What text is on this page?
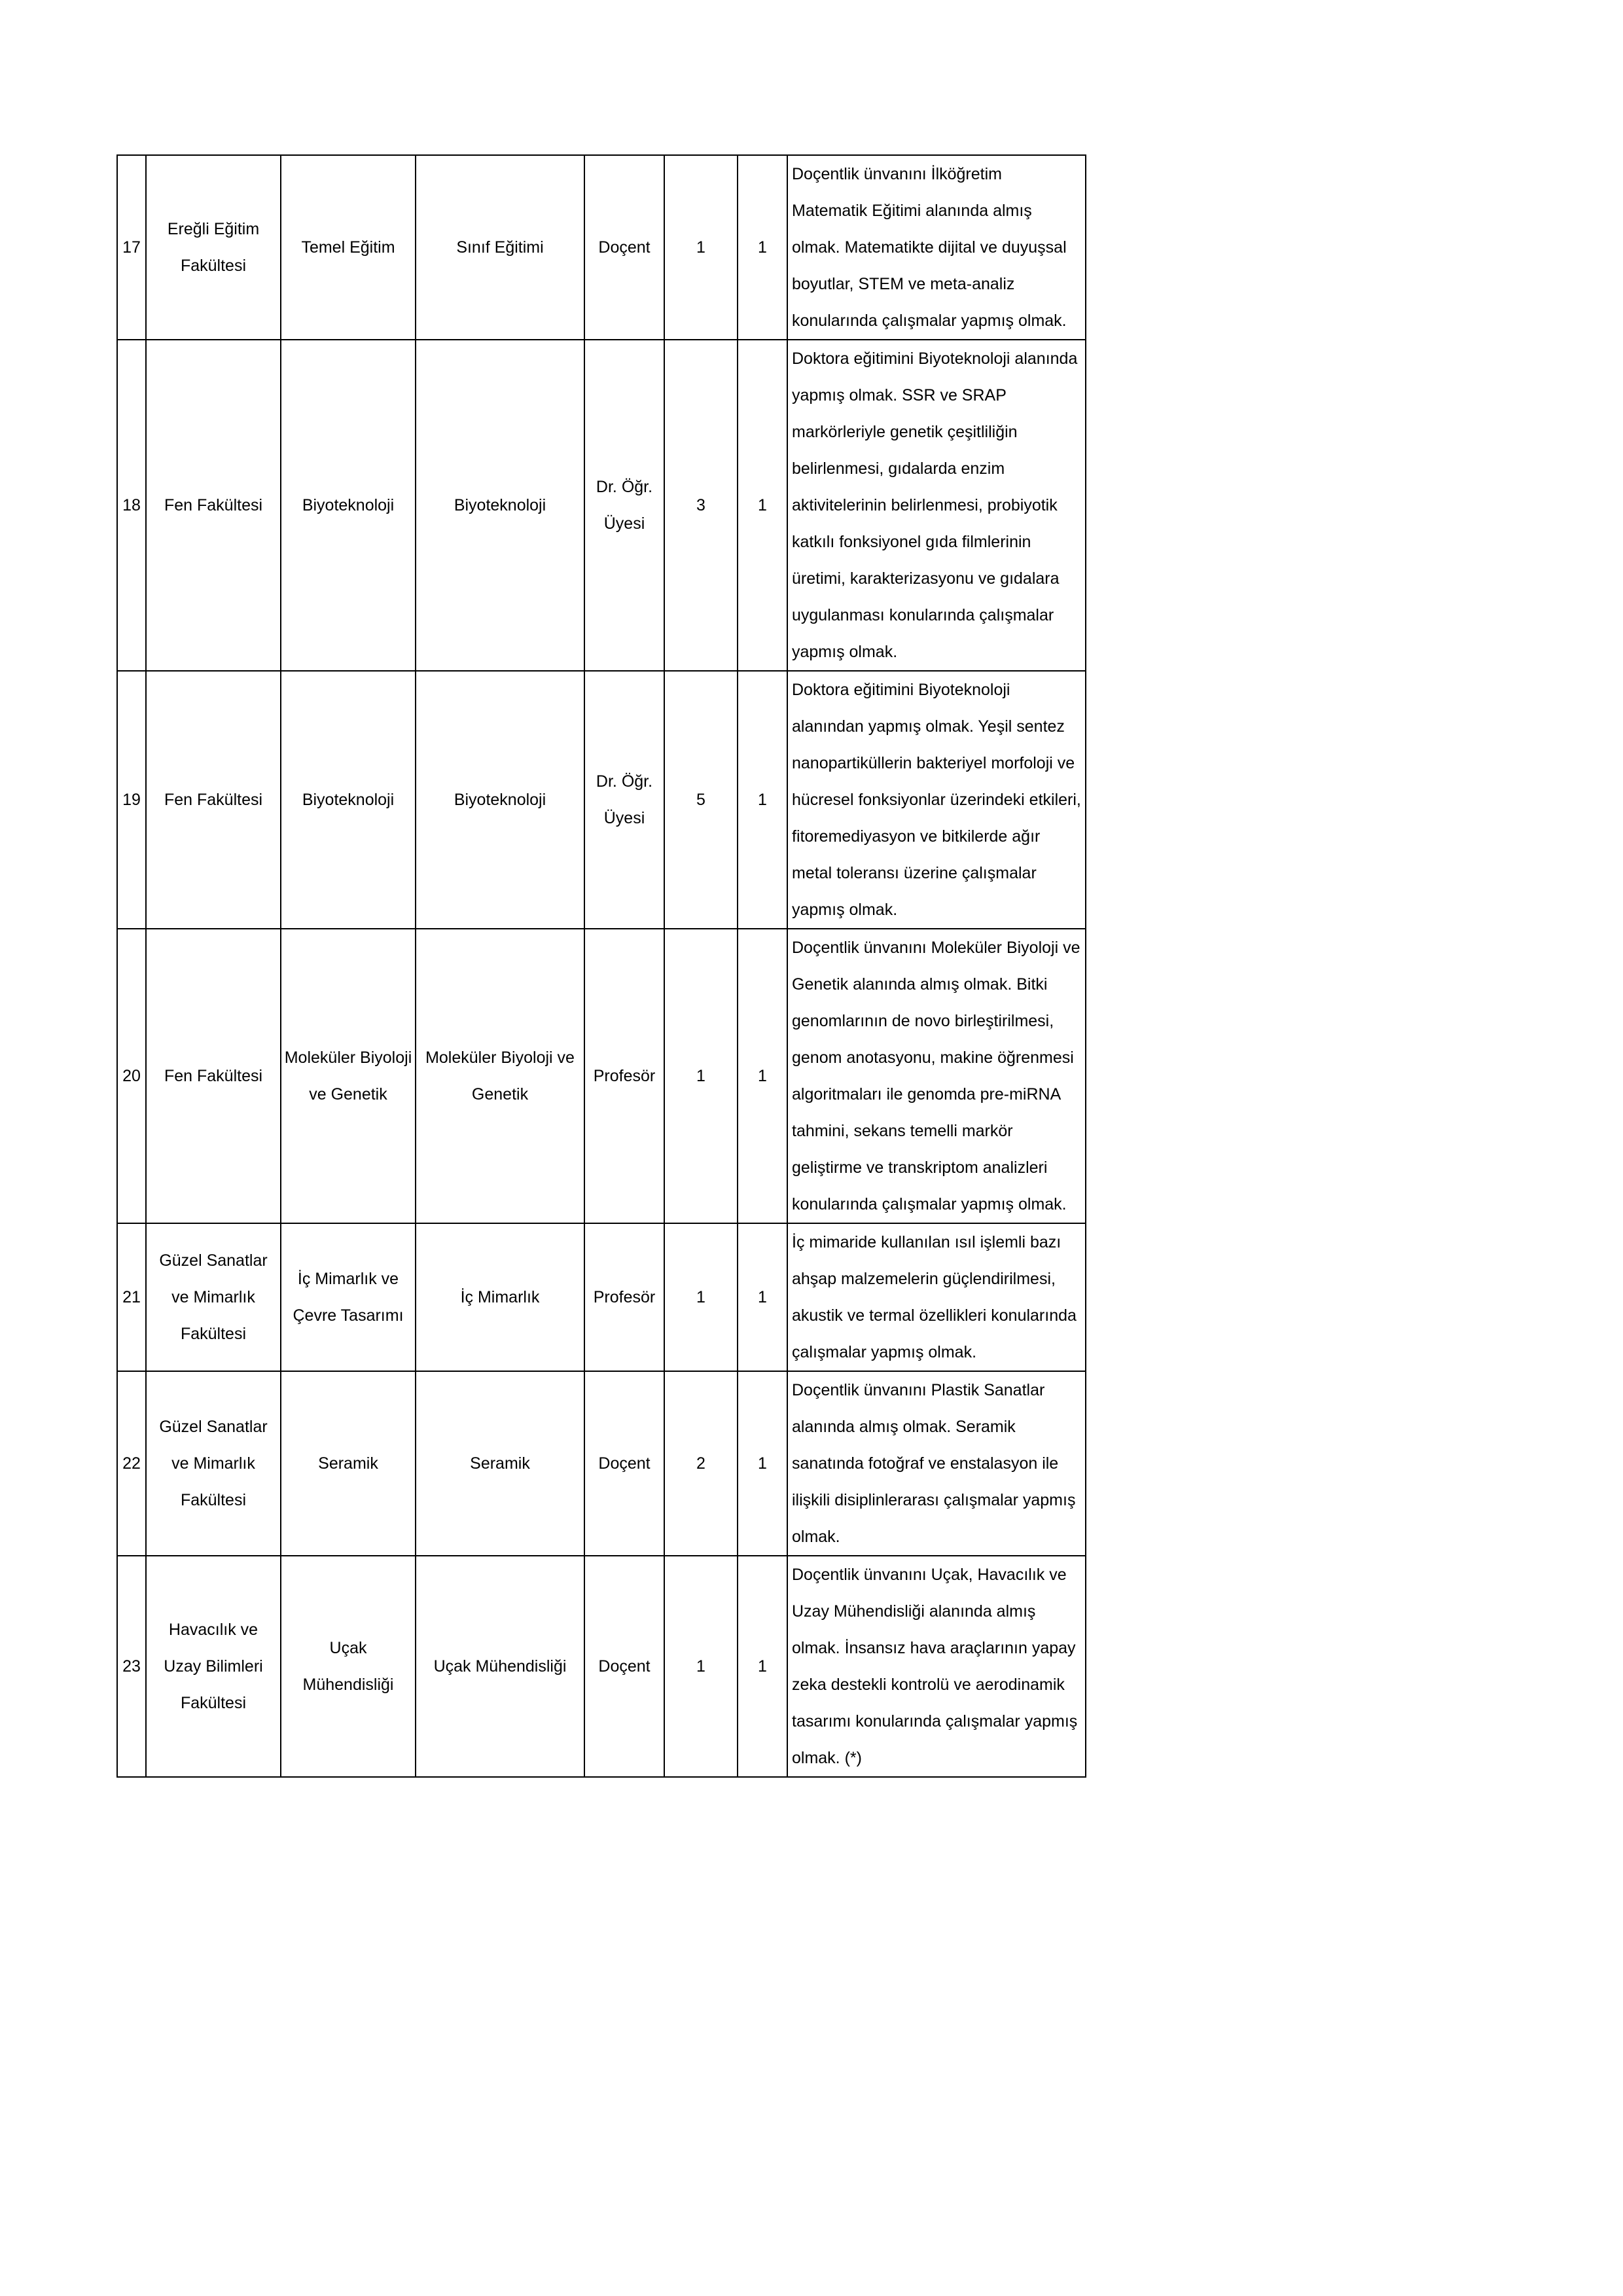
17	Ereğli Eğitim Fakültesi	Temel Eğitim	Sınıf Eğitimi	Doçent	1	1	Doçentlik ünvanını İlköğretim Matematik Eğitimi alanında almış olmak. Matematikte dijital ve duyuşsal boyutlar, STEM ve meta-analiz konularında çalışmalar yapmış olmak.
18	Fen Fakültesi	Biyoteknoloji	Biyoteknoloji	Dr. Öğr. Üyesi	3	1	Doktora eğitimini Biyoteknoloji alanında yapmış olmak. SSR ve SRAP markörleriyle genetik çeşitliliğin belirlenmesi, gıdalarda enzim aktivitelerinin belirlenmesi, probiyotik katkılı fonksiyonel gıda filmlerinin üretimi, karakterizasyonu ve gıdalara uygulanması konularında çalışmalar yapmış olmak.
19	Fen Fakültesi	Biyoteknoloji	Biyoteknoloji	Dr. Öğr. Üyesi	5	1	Doktora eğitimini Biyoteknoloji alanından yapmış olmak. Yeşil sentez nanopartiküllerin bakteriyel morfoloji ve hücresel fonksiyonlar üzerindeki etkileri, fitoremediyasyon ve bitkilerde ağır metal toleransı üzerine çalışmalar yapmış olmak.
20	Fen Fakültesi	Moleküler Biyoloji ve Genetik	Moleküler Biyoloji ve Genetik	Profesör	1	1	Doçentlik ünvanını Moleküler Biyoloji ve Genetik alanında almış olmak. Bitki genomlarının de novo birleştirilmesi, genom anotasyonu, makine öğrenmesi algoritmaları ile genomda pre-miRNA tahmini, sekans temelli markör geliştirme ve transkriptom analizleri konularında çalışmalar yapmış olmak.
21	Güzel Sanatlar ve Mimarlık Fakültesi	İç Mimarlık ve Çevre Tasarımı	İç Mimarlık	Profesör	1	1	İç mimaride kullanılan ısıl işlemli bazı ahşap malzemelerin güçlendirilmesi, akustik ve termal özellikleri konularında çalışmalar yapmış olmak.
22	Güzel Sanatlar ve Mimarlık Fakültesi	Seramik	Seramik	Doçent	2	1	Doçentlik ünvanını Plastik Sanatlar alanında almış olmak. Seramik sanatında fotoğraf ve enstalasyon ile ilişkili disiplinlerarası çalışmalar yapmış olmak.
23	Havacılık ve Uzay Bilimleri Fakültesi	Uçak Mühendisliği	Uçak Mühendisliği	Doçent	1	1	Doçentlik ünvanını Uçak, Havacılık ve Uzay Mühendisliği alanında almış olmak. İnsansız hava araçlarının yapay zeka destekli kontrolü ve aerodinamik tasarımı konularında çalışmalar yapmış olmak. (*)
